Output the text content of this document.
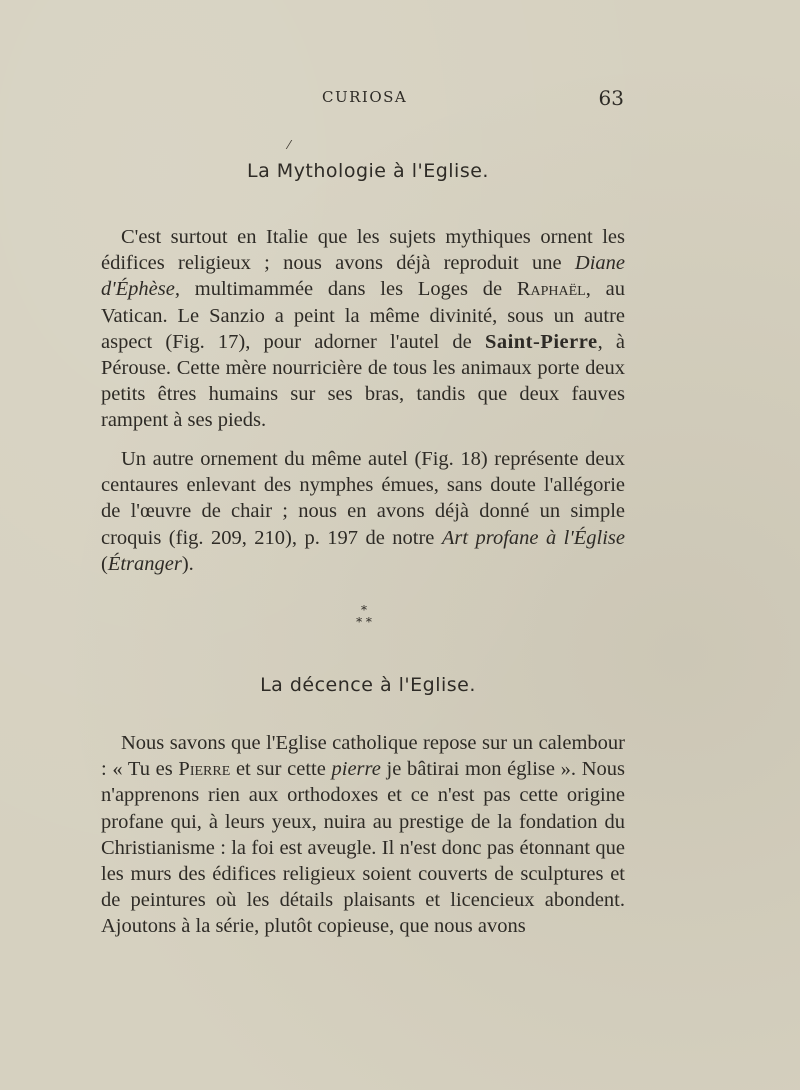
CURIOSA	63
⁄
La Mythologie à l'Eglise.

C'est surtout en Italie que les sujets mythiques ornent les édifices religieux ; nous avons déjà reproduit une Diane d'Éphèse, multimammée dans les Loges de Raphaël, au Vatican. Le Sanzio a peint la même divinité, sous un autre aspect (Fig. 17), pour adorner l'autel de Saint-Pierre, à Pérouse. Cette mère nourricière de tous les animaux porte deux petits êtres humains sur ses bras, tandis que deux fauves rampent à ses pieds.

Un autre ornement du même autel (Fig. 18) représente deux centaures enlevant des nymphes émues, sans doute l'allégorie de l'œuvre de chair ; nous en avons déjà donné un simple croquis (fig. 209, 210), p. 197 de notre Art profane à l'Église (Étranger).

*
* *
La décence à l'Eglise.

Nous savons que l'Eglise catholique repose sur un calembour : « Tu es Pierre et sur cette pierre je bâtirai mon église ». Nous n'apprenons rien aux orthodoxes et ce n'est pas cette origine profane qui, à leurs yeux, nuira au prestige de la fondation du Christianisme : la foi est aveugle. Il n'est donc pas étonnant que les murs des édifices religieux soient couverts de sculptures et de peintures où les détails plaisants et licencieux abondent. Ajoutons à la série, plutôt copieuse, que nous avons
